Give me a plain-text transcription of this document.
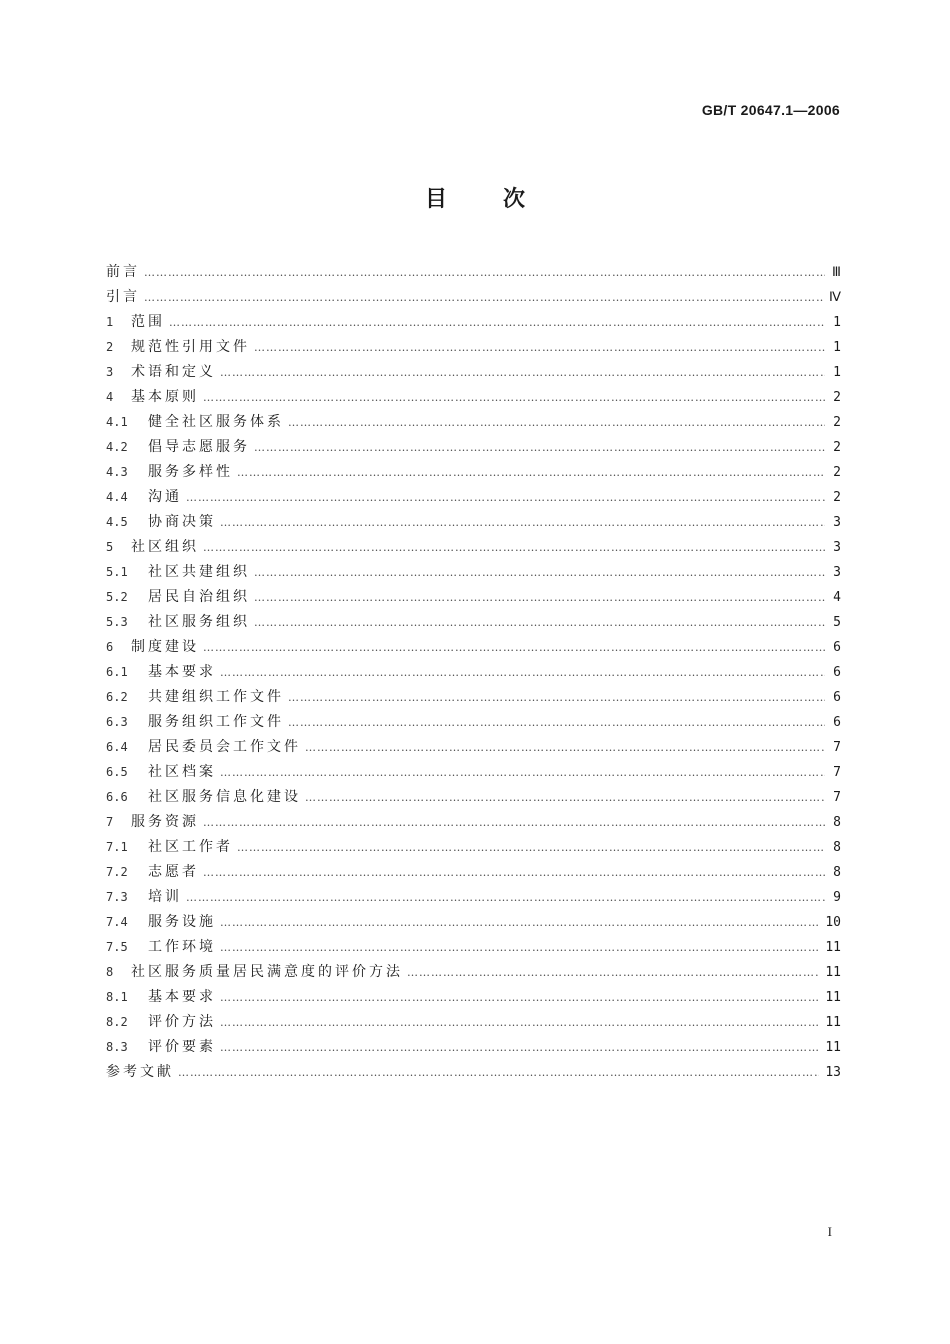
GB/T 20647.1—2006
目	次
前言 ……………………………………………………………………………………………………………………………………………………………………………………………………………………………………………	Ⅲ
引言 ……………………………………………………………………………………………………………………………………………………………………………………………………………………………………………	Ⅳ
1	范围 ……………………………………………………………………………………………………………………………………………………………………………………………………………………………………………	1
2	规范性引用文件 ……………………………………………………………………………………………………………………………………………………………………………………………………………………………………………	1
3	术语和定义 ……………………………………………………………………………………………………………………………………………………………………………………………………………………………………………	1
4	基本原则 ……………………………………………………………………………………………………………………………………………………………………………………………………………………………………………	2
4.1	健全社区服务体系 ……………………………………………………………………………………………………………………………………………………………………………………………………………………………………………	2
4.2	倡导志愿服务 ……………………………………………………………………………………………………………………………………………………………………………………………………………………………………………	2
4.3	服务多样性 ……………………………………………………………………………………………………………………………………………………………………………………………………………………………………………	2
4.4	沟通 ……………………………………………………………………………………………………………………………………………………………………………………………………………………………………………	2
4.5	协商决策 ……………………………………………………………………………………………………………………………………………………………………………………………………………………………………………	3
5	社区组织 ……………………………………………………………………………………………………………………………………………………………………………………………………………………………………………	3
5.1	社区共建组织 ……………………………………………………………………………………………………………………………………………………………………………………………………………………………………………	3
5.2	居民自治组织 ……………………………………………………………………………………………………………………………………………………………………………………………………………………………………………	4
5.3	社区服务组织 ……………………………………………………………………………………………………………………………………………………………………………………………………………………………………………	5
6	制度建设 ……………………………………………………………………………………………………………………………………………………………………………………………………………………………………………	6
6.1	基本要求 ……………………………………………………………………………………………………………………………………………………………………………………………………………………………………………	6
6.2	共建组织工作文件 ……………………………………………………………………………………………………………………………………………………………………………………………………………………………………………	6
6.3	服务组织工作文件 ……………………………………………………………………………………………………………………………………………………………………………………………………………………………………………	6
6.4	居民委员会工作文件 ……………………………………………………………………………………………………………………………………………………………………………………………………………………………………………	7
6.5	社区档案 ……………………………………………………………………………………………………………………………………………………………………………………………………………………………………………	7
6.6	社区服务信息化建设 ……………………………………………………………………………………………………………………………………………………………………………………………………………………………………………	7
7	服务资源 ……………………………………………………………………………………………………………………………………………………………………………………………………………………………………………	8
7.1	社区工作者 ……………………………………………………………………………………………………………………………………………………………………………………………………………………………………………	8
7.2	志愿者 ……………………………………………………………………………………………………………………………………………………………………………………………………………………………………………	8
7.3	培训 ……………………………………………………………………………………………………………………………………………………………………………………………………………………………………………	9
7.4	服务设施 ……………………………………………………………………………………………………………………………………………………………………………………………………………………………………………	10
7.5	工作环境 ……………………………………………………………………………………………………………………………………………………………………………………………………………………………………………	11
8	社区服务质量居民满意度的评价方法 ……………………………………………………………………………………………………………………………………………………………………………………………………………………………………………	11
8.1	基本要求 ……………………………………………………………………………………………………………………………………………………………………………………………………………………………………………	11
8.2	评价方法 ……………………………………………………………………………………………………………………………………………………………………………………………………………………………………………	11
8.3	评价要素 ……………………………………………………………………………………………………………………………………………………………………………………………………………………………………………	11
参考文献 ……………………………………………………………………………………………………………………………………………………………………………………………………………………………………………	13
I
